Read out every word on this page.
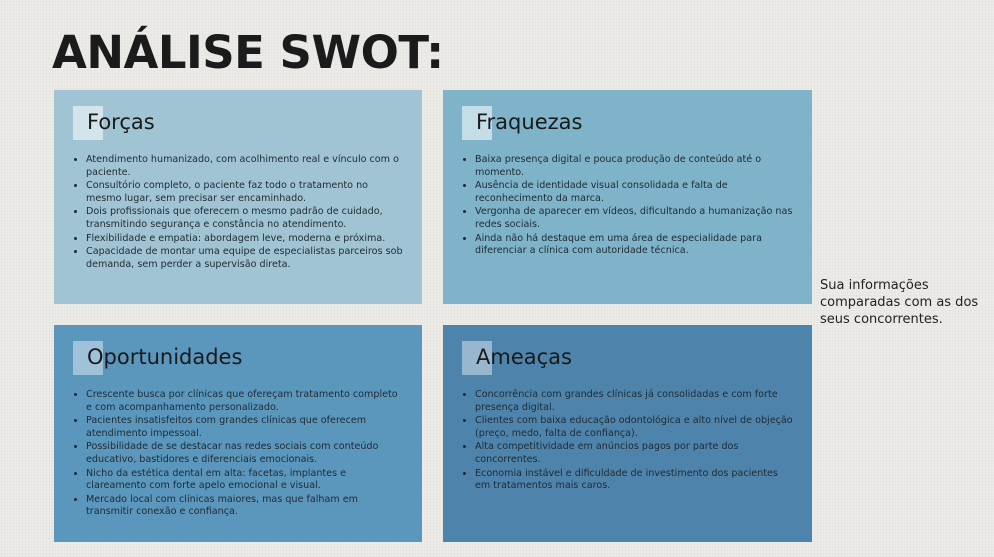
ANÁLISE SWOT:
Forças
• Atendimento humanizado, com acolhimento real e vínculo com o paciente.
• Consultório completo, o paciente faz todo o tratamento no mesmo lugar, sem precisar ser encaminhado.
• Dois profissionais que oferecem o mesmo padrão de cuidado, transmitindo segurança e constância no atendimento.
• Flexibilidade e empatia: abordagem leve, moderna e próxima.
• Capacidade de montar uma equipe de especialistas parceiros sob demanda, sem perder a supervisão direta.
Fraquezas
• Baixa presença digital e pouca produção de conteúdo até o momento.
• Ausência de identidade visual consolidada e falta de reconhecimento da marca.
• Vergonha de aparecer em vídeos, dificultando a humanização nas redes sociais.
• Ainda não há destaque em uma área de especialidade para diferenciar a clínica com autoridade técnica.
Oportunidades
• Crescente busca por clínicas que ofereçam tratamento completo e com acompanhamento personalizado.
• Pacientes insatisfeitos com grandes clínicas que oferecem atendimento impessoal.
• Possibilidade de se destacar nas redes sociais com conteúdo educativo, bastidores e diferenciais emocionais.
• Nicho da estética dental em alta: facetas, implantes e clareamento com forte apelo emocional e visual.
• Mercado local com clínicas maiores, mas que falham em transmitir conexão e confiança.
Ameaças
• Concorrência com grandes clínicas já consolidadas e com forte presença digital.
• Clientes com baixa educação odontológica e alto nível de objeção (preço, medo, falta de confiança).
• Alta competitividade em anúncios pagos por parte dos concorrentes.
• Economia instável e dificuldade de investimento dos pacientes em tratamentos mais caros.
Sua informações comparadas com as dos seus concorrentes.
